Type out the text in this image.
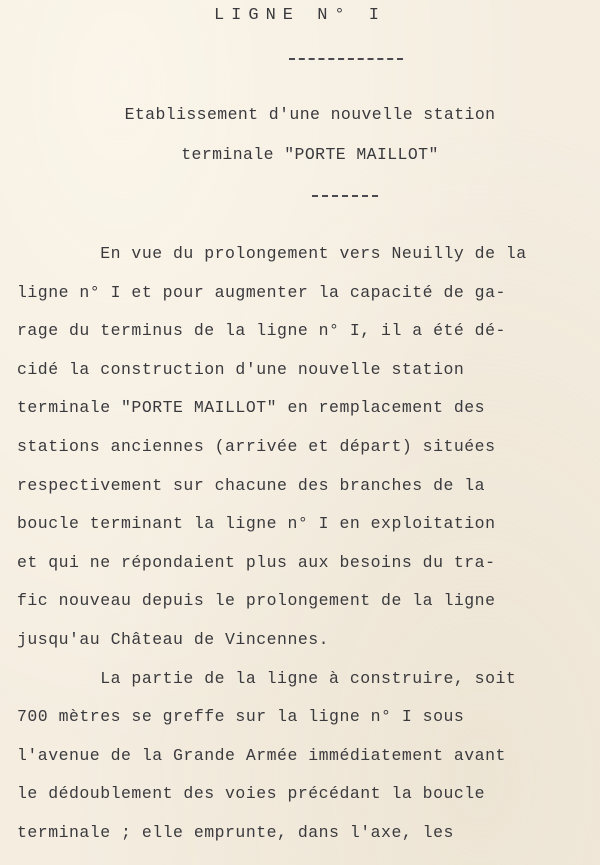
LIGNE N° I
Etablissement d'une nouvelle station
terminale "PORTE MAILLOT"
En vue du prolongement vers Neuilly de la
ligne n° I et pour augmenter la capacité de ga-
rage du terminus de la ligne n° I, il a été dé-
cidé la construction d'une nouvelle station
terminale "PORTE MAILLOT" en remplacement des
stations anciennes (arrivée et départ) situées
respectivement sur chacune des branches de la
boucle terminant la ligne n° I en exploitation
et qui ne répondaient plus aux besoins du tra-
fic nouveau depuis le prolongement de la ligne
jusqu'au Château de Vincennes.
La partie de la ligne à construire, soit
700 mètres se greffe sur la ligne n° I sous
l'avenue de la Grande Armée immédiatement avant
le dédoublement des voies précédant la boucle
terminale ; elle emprunte, dans l'axe, les
